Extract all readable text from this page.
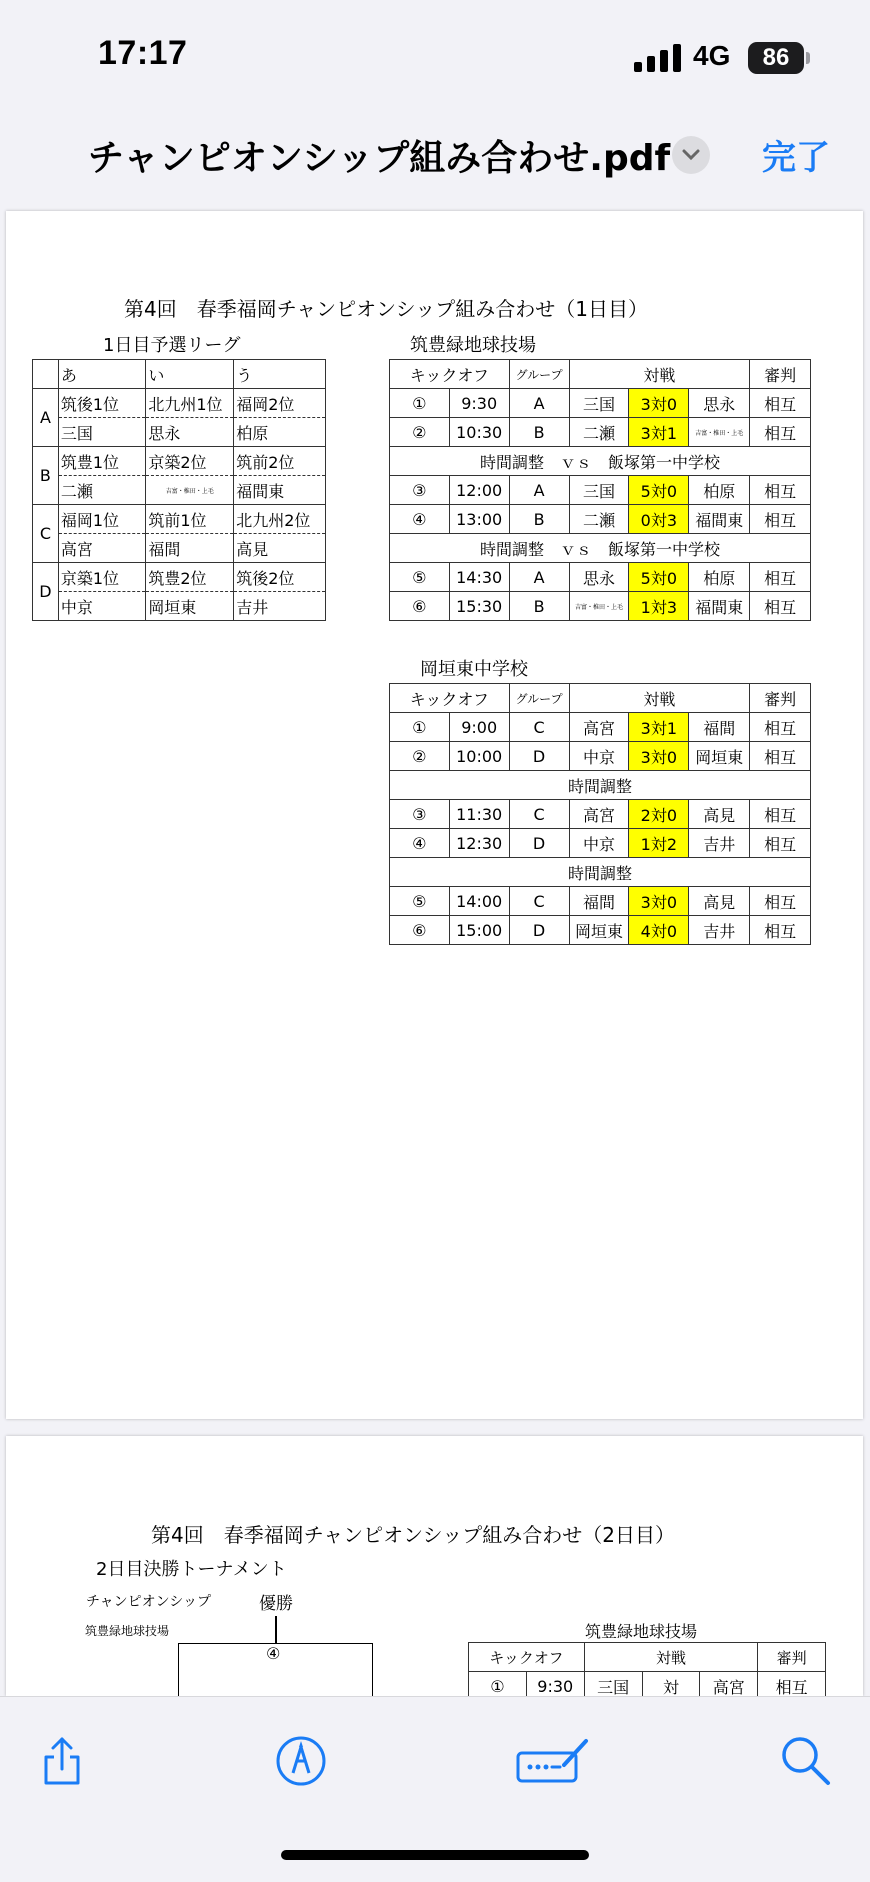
17:17	4G	86
チャンピオンシップ組み合わせ.pdf	完了
第4回　春季福岡チャンピオンシップ組み合わせ（1日目）
1日目予選リーグ	筑豊緑地球技場
	あ	い	う
A	筑後1位	北九州1位	福岡2位
	三国	思永	柏原
B	筑豊1位	京築2位	筑前2位
	二瀬	吉富・椎田・上毛	福間東
C	福岡1位	筑前1位	北九州2位
	高宮	福間	高見
D	京築1位	筑豊2位	筑後2位
	中京	岡垣東	吉井
キックオフ		グループ	対戦			審判
①	9:30	A	三国	3対0	思永	相互
②	10:30	B	二瀬	3対1	吉富・椎田・上毛	相互
時間調整　ｖｓ　飯塚第一中学校						
③	12:00	A	三国	5対0	柏原	相互
④	13:00	B	二瀬	0対3	福間東	相互
時間調整　ｖｓ　飯塚第一中学校						
⑤	14:30	A	思永	5対0	柏原	相互
⑥	15:30	B	吉富・椎田・上毛	1対3	福間東	相互
岡垣東中学校
キックオフ		グループ	対戦			審判
①	9:00	C	高宮	3対1	福間	相互
②	10:00	D	中京	3対0	岡垣東	相互
時間調整						
③	11:30	C	高宮	2対0	高見	相互
④	12:30	D	中京	1対2	吉井	相互
時間調整						
⑤	14:00	C	福間	3対0	高見	相互
⑥	15:00	D	岡垣東	4対0	吉井	相互
第4回　春季福岡チャンピオンシップ組み合わせ（2日目）
2日目決勝トーナメント
チャンピオンシップ	優勝
筑豊緑地球技場
④
筑豊緑地球技場
キックオフ		対戦			審判
①	9:30	三国	対	高宮	相互
